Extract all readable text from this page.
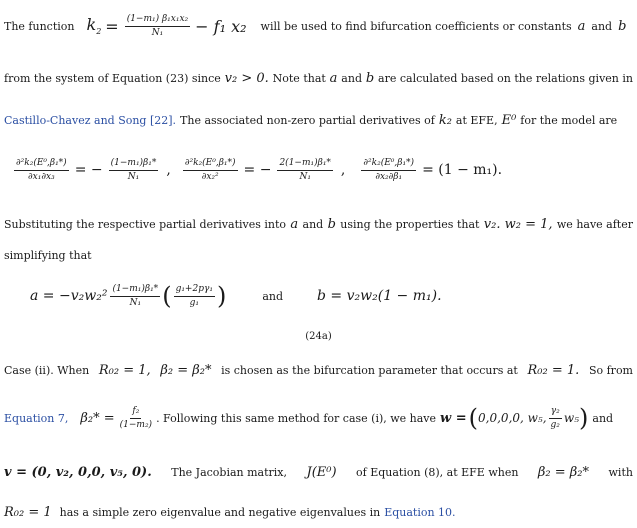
The function $k_2 = \frac{\text{(1−m₁) β₁x₁x₂}}{\text{N₁}} - f_1$ x₂ will be used to find bifurcation coefficients or constants a and b
from the system of Equation (23) since v₂ > 0. Note that a and b are calculated based on the relations given in
Castillo-Chavez and Song [22]. The associated non-zero partial derivatives of k₂ at EFE, E⁰ for the model are
$\frac{\text{∂²k₂(E⁰,β₁*)}}{\text{∂x₁∂x₃}}$ = − $\frac{\text{(1−m₁)β₁*}}{\text{N₁}}$ , $\frac{\text{∂²k₂(E⁰,β₁*)}}{\text{∂x₂²}}$ = − $\frac{\text{2(1−m₁)β₁*}}{\text{N₁}}$ , $\frac{\text{∂²k₂(E⁰,β₁*)}}{\text{∂x₂∂β₁}} = (1 - m_1)$.
Substituting the respective partial derivatives into a and b using the properties that v₂. w₂ = 1, we have after
simplifying that
$a = -v_2w_2^2 \frac{\text{(1−m₁)β₁*}}{\text{N₁}}$ ( $\frac{\text{g₁+2pγ₁}}{\text{g₁}}$ )	and b = v₂w₂(1 − m₁).
(24a)
Case (ii). When R₀₂ = 1, β₂ = β₂* is chosen as the bifurcation parameter that occurs at R₀₂ = 1. So from
Equation 7, $\beta_2* = \frac{\text{f₂}}{\text{(1−m₂)}}$ . Following this same method for case (i), we have w = ( 0,0,0,0, w₅, $\frac{\text{γ₂}}{\text{g₂}} w_5$ ) and
v = (0, v₂, 0,0, v₅, 0). The Jacobian matrix, J(E⁰) of Equation (8), at EFE when β₂ = β₂* with
R₀₂ = 1 has a simple zero eigenvalue and negative eigenvalues in Equation 10.
